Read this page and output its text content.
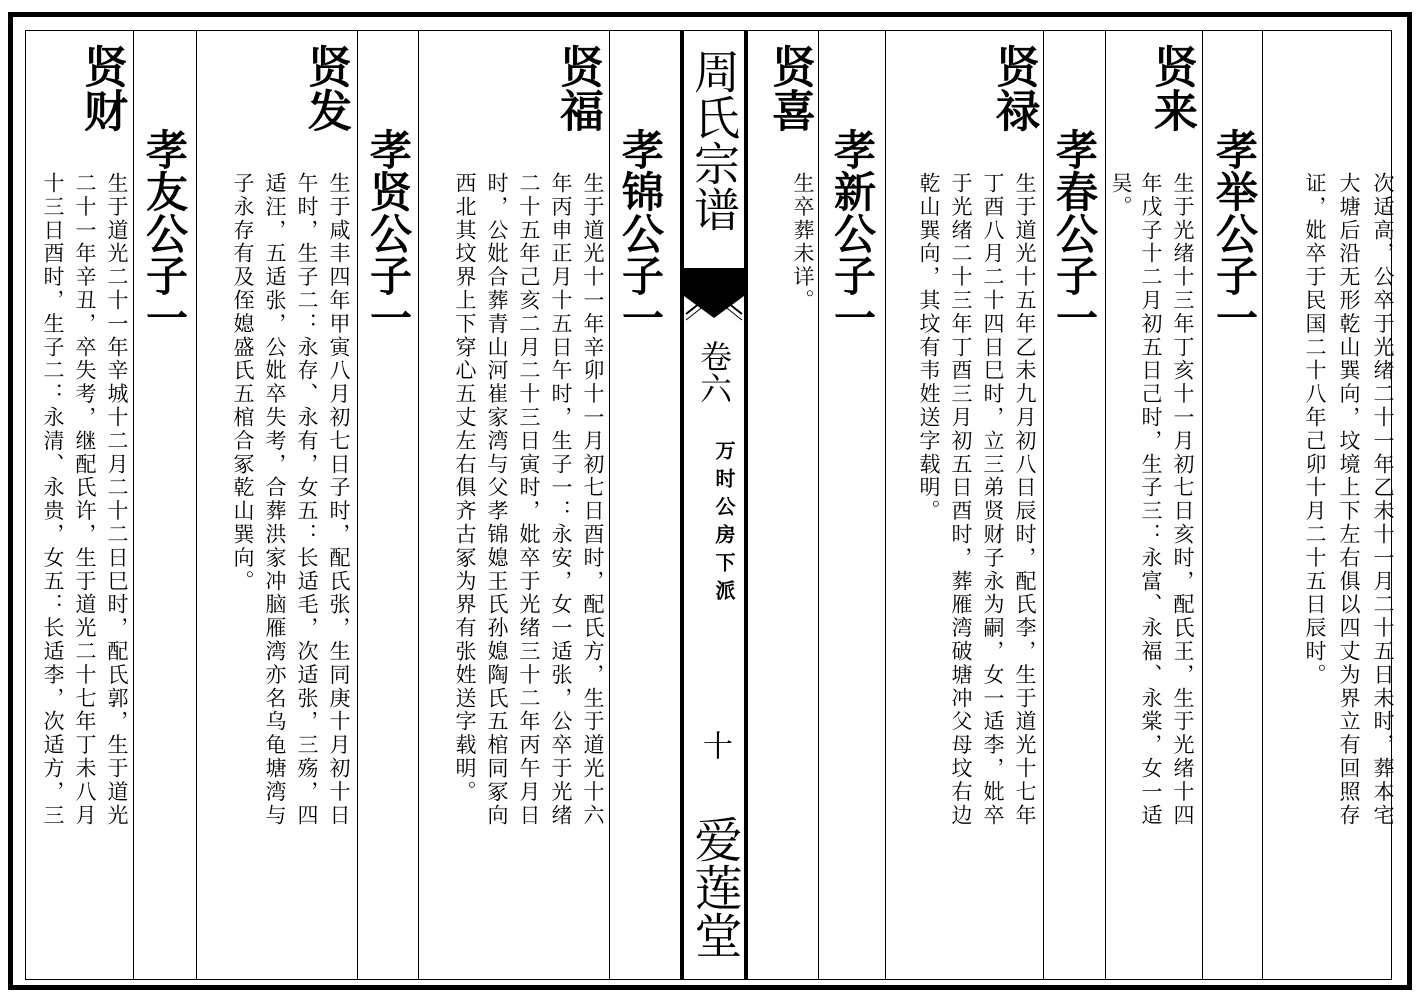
周氏宗谱
卷六
万时公房下派
十
爱莲堂
次适高，公卒于光绪二十一年乙未十一月二十五日未时，葬本宅
大塘后沿无形乾山巽向，坟境上下左右俱以四丈为界立有回照存
证，妣卒于民国二十八年己卯十月二十五日辰时。
孝举公子一
贤来
生于光绪十三年丁亥十一月初七日亥时，配氏王，生于光绪十四
年戊子十二月初五日己时，生子三：永富、永福、永棠，女一适
吴。
孝春公子一
贤禄
生于道光十五年乙未九月初八日辰时，配氏李，生于道光十七年
丁酉八月二十四日巳时，立三弟贤财子永为嗣，女一适李，妣卒
于光绪二十三年丁酉三月初五日酉时，葬雁湾破塘冲父母坟右边
乾山巽向，其坟有韦姓送字载明。
孝新公子一
贤喜
生卒葬未详。
孝锦公子一
贤福
生于道光十一年辛卯十一月初七日酉时，配氏方，生于道光十六
年丙申正月十五日午时，生子一：永安，女一适张，公卒于光绪
二十五年己亥二月二十三日寅时，妣卒于光绪三十二年丙午月日
时，公妣合葬青山河崔家湾与父孝锦媳王氏孙媳陶氏五棺同冢向
西北其坟界上下穿心五丈左右俱齐古冢为界有张姓送字载明。
孝贤公子一
贤发
生于咸丰四年甲寅八月初七日子时，配氏张，生同庚十月初十日
午时，生子二：永存、永有，女五：长适毛，次适张，三殇，四
适汪，五适张，公妣卒失考，合葬洪家冲脑雁湾亦名乌龟塘湾与
子永存有及侄媳盛氏五棺合冢乾山巽向。
孝友公子一
贤财
生于道光二十一年辛城十二月二十二日巳时，配氏郭，生于道光
二十一年辛丑，卒失考，继配氏许，生于道光二十七年丁未八月
十三日酉时，生子二：永清、永贵，女五：长适李，次适方，三
